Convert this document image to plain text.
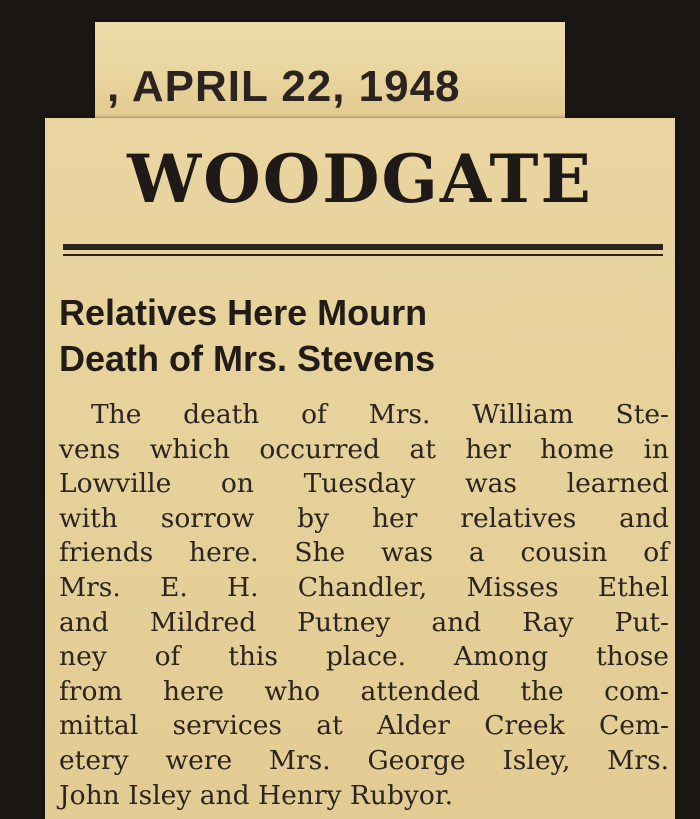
, APRIL 22, 1948
WOODGATE
Relatives Here Mourn
Death of Mrs. Stevens
The death of Mrs. William Ste-
vens which occurred at her home in
Lowville on Tuesday was learned
with sorrow by her relatives and
friends here. She was a cousin of
Mrs. E. H. Chandler, Misses Ethel
and Mildred Putney and Ray Put-
ney of this place. Among those
from here who attended the com-
mittal services at Alder Creek Cem-
etery were Mrs. George Isley, Mrs.
John Isley and Henry Rubyor.
